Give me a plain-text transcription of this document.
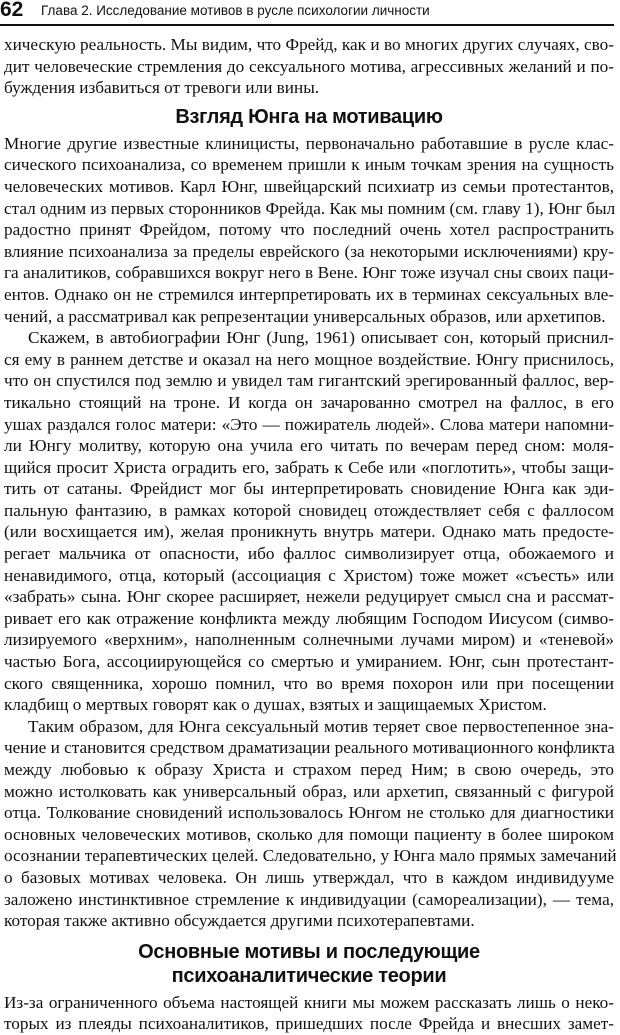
62 Глава 2. Исследование мотивов в русле психологии личности
хическую реальность. Мы видим, что Фрейд, как и во многих других случаях, сво-
дит человеческие стремления до сексуального мотива, агрессивных желаний и по-
буждения избавиться от тревоги или вины.
Взгляд Юнга на мотивацию
Многие другие известные клиницисты, первоначально работавшие в русле клас-
сического психоанализа, со временем пришли к иным точкам зрения на сущность
человеческих мотивов. Карл Юнг, швейцарский психиатр из семьи протестантов,
стал одним из первых сторонников Фрейда. Как мы помним (см. главу 1), Юнг был
радостно принят Фрейдом, потому что последний очень хотел распространить
влияние психоанализа за пределы еврейского (за некоторыми исключениями) кру-
га аналитиков, собравшихся вокруг него в Вене. Юнг тоже изучал сны своих паци-
ентов. Однако он не стремился интерпретировать их в терминах сексуальных вле-
чений, а рассматривал как репрезентации универсальных образов, или архетипов.
Скажем, в автобиографии Юнг (Jung, 1961) описывает сон, который приснил-
ся ему в раннем детстве и оказал на него мощное воздействие. Юнгу приснилось,
что он спустился под землю и увидел там гигантский эрегированный фаллос, вер-
тикально стоящий на троне. И когда он зачарованно смотрел на фаллос, в его
ушах раздался голос матери: «Это — пожиратель людей». Слова матери напомни-
ли Юнгу молитву, которую она учила его читать по вечерам перед сном: моля-
щийся просит Христа оградить его, забрать к Себе или «поглотить», чтобы защи-
тить от сатаны. Фрейдист мог бы интерпретировать сновидение Юнга как эди-
пальную фантазию, в рамках которой сновидец отождествляет себя с фаллосом
(или восхищается им), желая проникнуть внутрь матери. Однако мать предосте-
регает мальчика от опасности, ибо фаллос символизирует отца, обожаемого и
ненавидимого, отца, который (ассоциация с Христом) тоже может «съесть» или
«забрать» сына. Юнг скорее расширяет, нежели редуцирует смысл сна и рассмат-
ривает его как отражение конфликта между любящим Господом Иисусом (симво-
лизируемого «верхним», наполненным солнечными лучами миром) и «теневой»
частью Бога, ассоциирующейся со смертью и умиранием. Юнг, сын протестант-
ского священника, хорошо помнил, что во время похорон или при посещении
кладбищ о мертвых говорят как о душах, взятых и защищаемых Христом.
Таким образом, для Юнга сексуальный мотив теряет свое первостепенное зна-
чение и становится средством драматизации реального мотивационного конфликта
между любовью к образу Христа и страхом перед Ним; в свою очередь, это
можно истолковать как универсальный образ, или архетип, связанный с фигурой
отца. Толкование сновидений использовалось Юнгом не столько для диагностики
основных человеческих мотивов, сколько для помощи пациенту в более широком
осознании терапевтических целей. Следовательно, у Юнга мало прямых замечаний
о базовых мотивах человека. Он лишь утверждал, что в каждом индивидууме
заложено инстинктивное стремление к индивидуации (самореализации), — тема,
которая также активно обсуждается другими психотерапевтами.
Основные мотивы и последующие
психоаналитические теории
Из-за ограниченного объема настоящей книги мы можем рассказать лишь о неко-
торых из плеяды психоаналитиков, пришедших после Фрейда и внесших замет-
